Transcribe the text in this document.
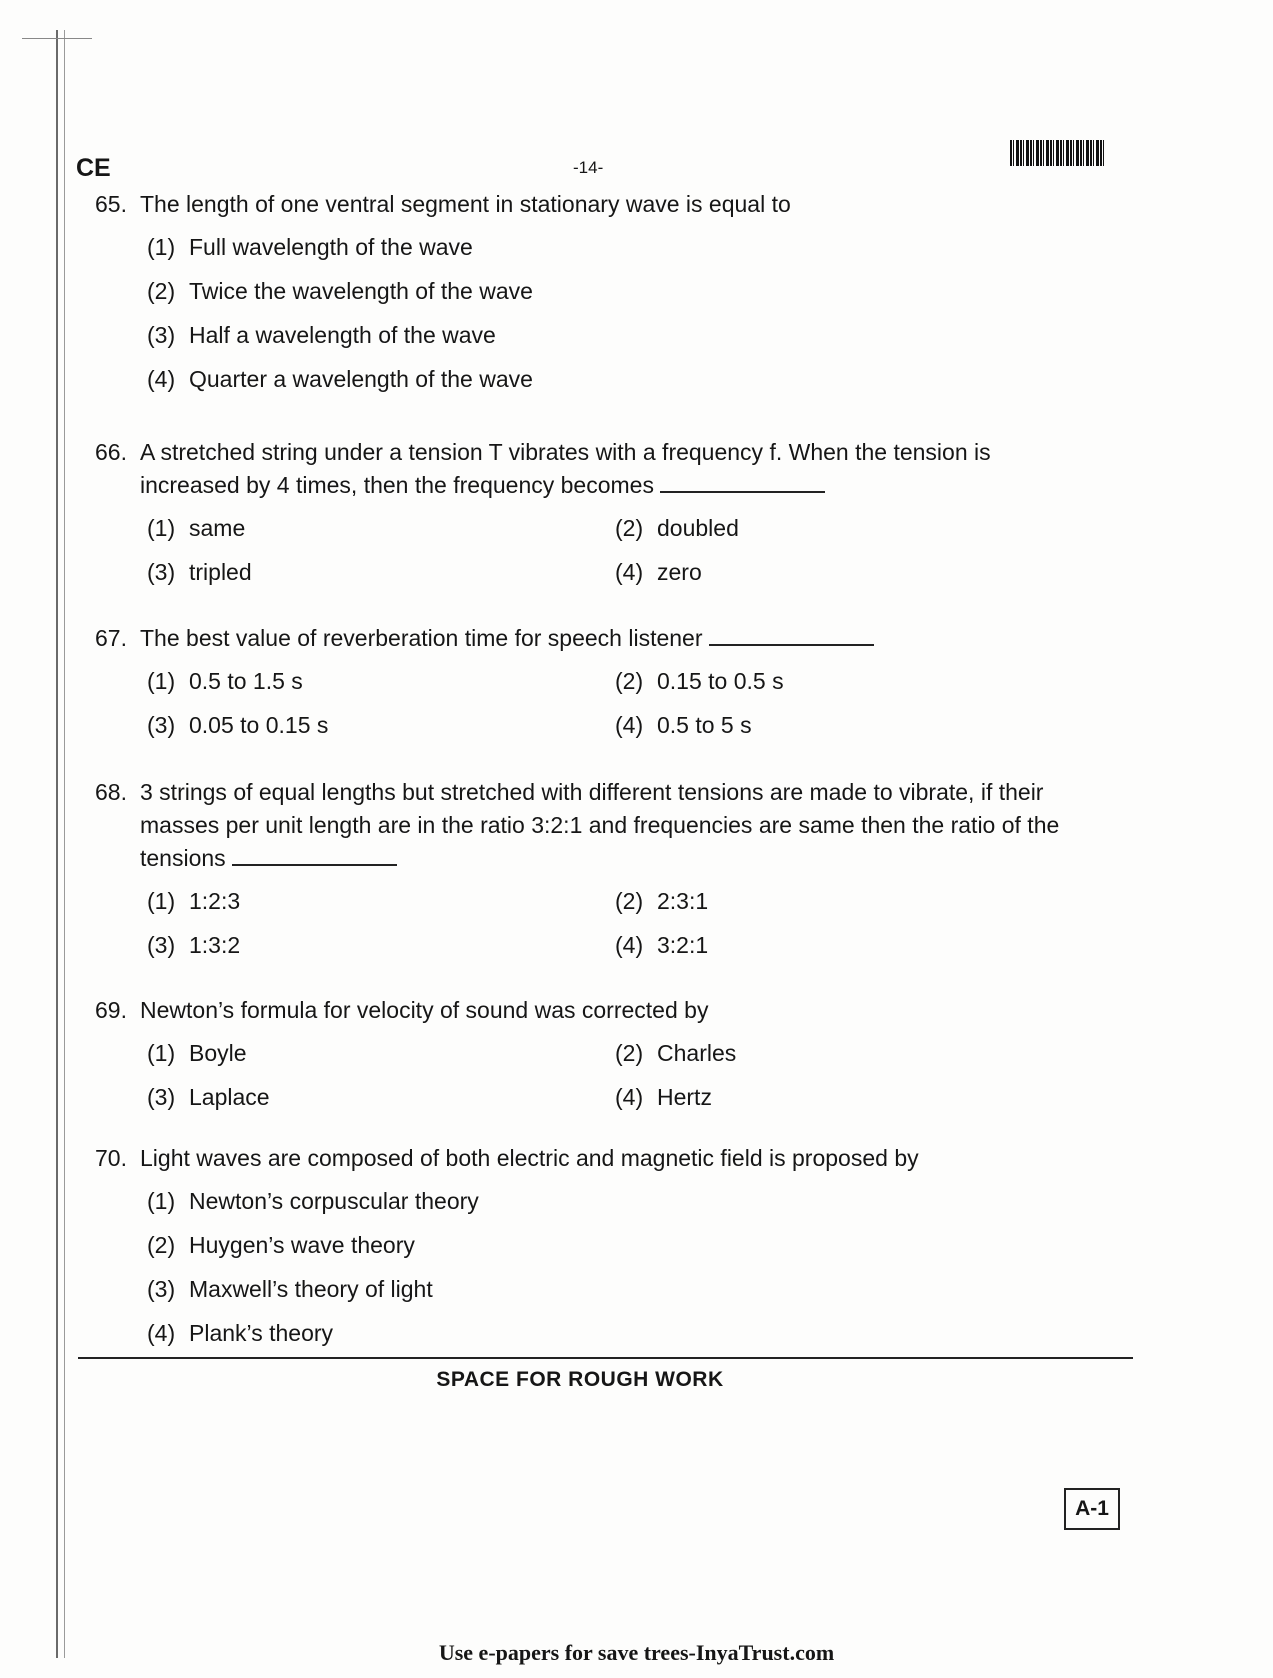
CE	-14-
65. The length of one ventral segment in stationary wave is equal to
(1) Full wavelength of the wave
(2) Twice the wavelength of the wave
(3) Half a wavelength of the wave
(4) Quarter a wavelength of the wave
66. A stretched string under a tension T vibrates with a frequency f. When the tension is increased by 4 times, then the frequency becomes
(1) same	(2) doubled
(3) tripled	(4) zero
67. The best value of reverberation time for speech listener
(1) 0.5 to 1.5 s	(2) 0.15 to 0.5 s
(3) 0.05 to 0.15 s	(4) 0.5 to 5 s
68. 3 strings of equal lengths but stretched with different tensions are made to vibrate, if their masses per unit length are in the ratio 3:2:1 and frequencies are same then the ratio of the tensions
(1) 1:2:3	(2) 2:3:1
(3) 1:3:2	(4) 3:2:1
69. Newton’s formula for velocity of sound was corrected by
(1) Boyle	(2) Charles
(3) Laplace	(4) Hertz
70. Light waves are composed of both electric and magnetic field is proposed by
(1) Newton’s corpuscular theory
(2) Huygen’s wave theory
(3) Maxwell’s theory of light
(4) Plank’s theory
SPACE FOR ROUGH WORK
A-1
Use e-papers for save trees-InyaTrust.com
